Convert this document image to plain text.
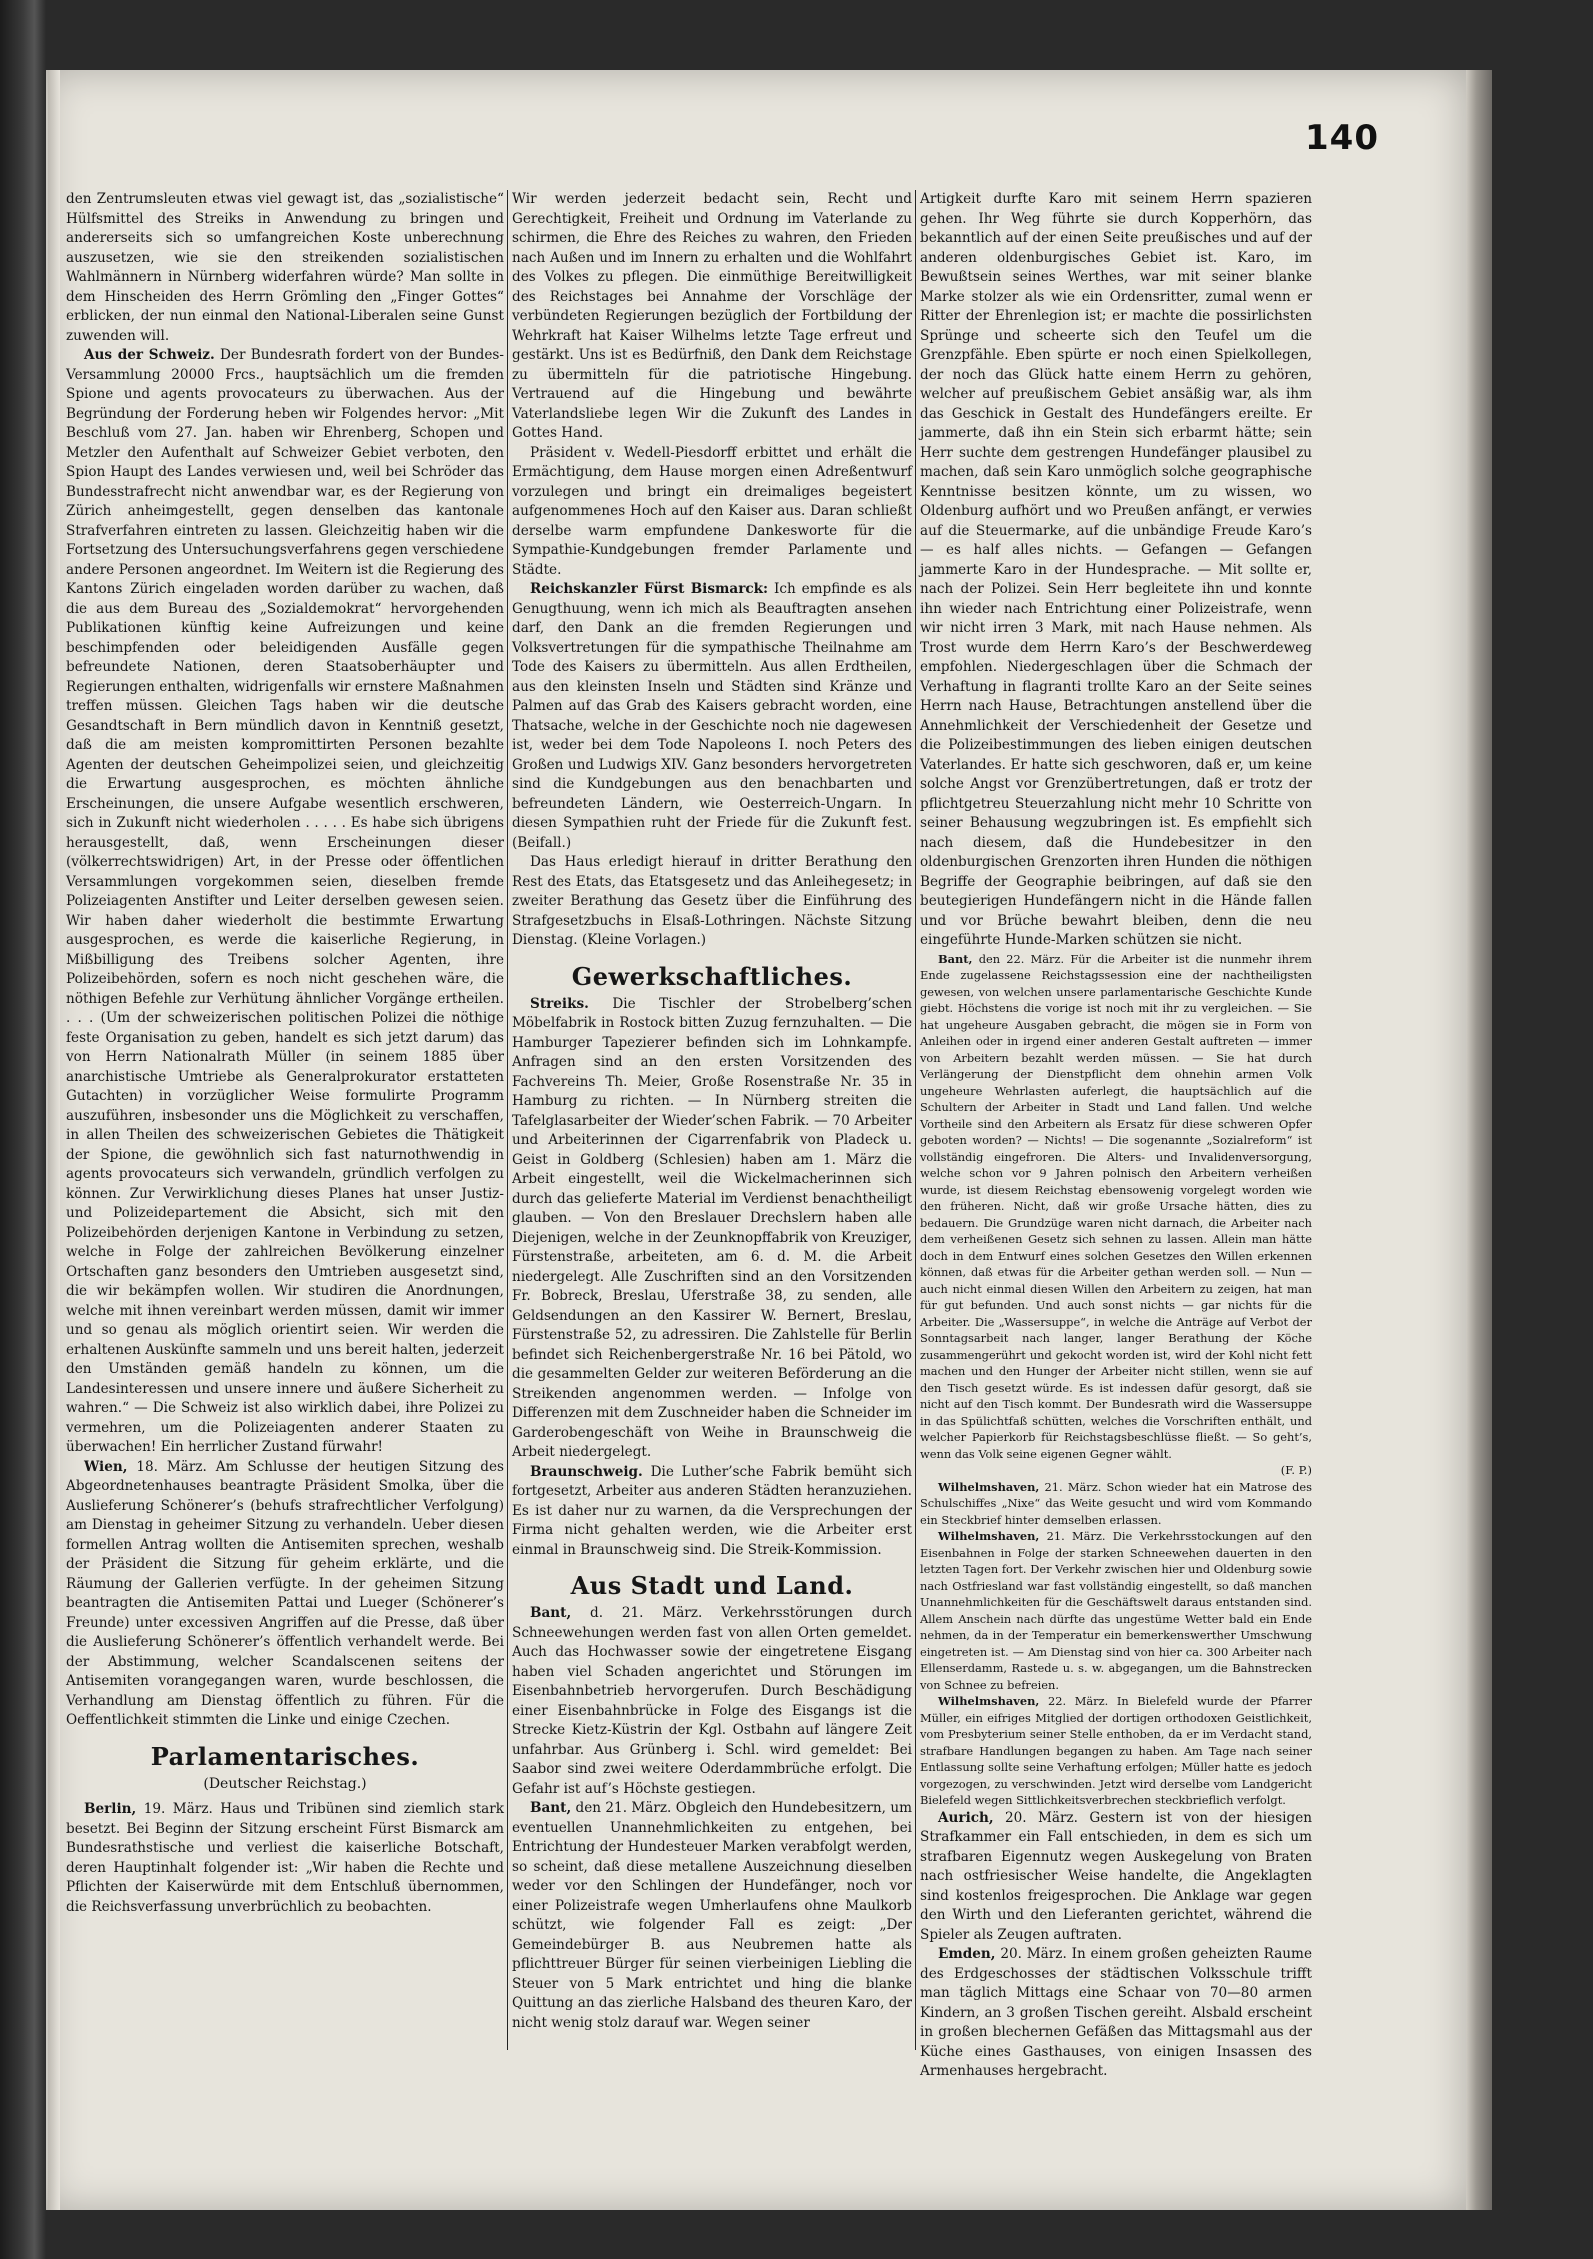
140

den Zentrumsleuten etwas viel gewagt ist, das „sozialistische“ Hülfsmittel des Streiks in Anwendung zu bringen und andererseits sich so umfangreichen Koste unberechnung auszusetzen, wie sie den streikenden sozialistischen Wahlmännern in Nürnberg widerfahren würde? Man sollte in dem Hinscheiden des Herrn Grömling den „Finger Gottes“ erblicken, der nun einmal den National-Liberalen seine Gunst zuwenden will.

Aus der Schweiz. Der Bundesrath fordert von der Bundes-Versammlung 20000 Frcs., hauptsächlich um die fremden Spione und agents provocateurs zu überwachen. Aus der Begründung der Forderung heben wir Folgendes hervor: „Mit Beschluß vom 27. Jan. haben wir Ehrenberg, Schopen und Metzler den Aufenthalt auf Schweizer Gebiet verboten, den Spion Haupt des Landes verwiesen und, weil bei Schröder das Bundesstrafrecht nicht anwendbar war, es der Regierung von Zürich anheimgestellt, gegen denselben das kantonale Strafverfahren eintreten zu lassen. Gleichzeitig haben wir die Fortsetzung des Untersuchungsverfahrens gegen verschiedene andere Personen angeordnet. Im Weitern ist die Regierung des Kantons Zürich eingeladen worden darüber zu wachen, daß die aus dem Bureau des „Sozialdemokrat“ hervorgehenden Publikationen künftig keine Aufreizungen und keine beschimpfenden oder beleidigenden Ausfälle gegen befreundete Nationen, deren Staatsoberhäupter und Regierungen enthalten, widrigenfalls wir ernstere Maßnahmen treffen müssen. Gleichen Tags haben wir die deutsche Gesandtschaft in Bern mündlich davon in Kenntniß gesetzt, daß die am meisten kompromittirten Personen bezahlte Agenten der deutschen Geheimpolizei seien, und gleichzeitig die Erwartung ausgesprochen, es möchten ähnliche Erscheinungen, die unsere Aufgabe wesentlich erschweren, sich in Zukunft nicht wiederholen . . . . . Es habe sich übrigens herausgestellt, daß, wenn Erscheinungen dieser (völkerrechtswidrigen) Art, in der Presse oder öffentlichen Versammlungen vorgekommen seien, dieselben fremde Polizeiagenten Anstifter und Leiter derselben gewesen seien. Wir haben daher wiederholt die bestimmte Erwartung ausgesprochen, es werde die kaiserliche Regierung, in Mißbilligung des Treibens solcher Agenten, ihre Polizeibehörden, sofern es noch nicht geschehen wäre, die nöthigen Befehle zur Verhütung ähnlicher Vorgänge ertheilen. . . . (Um der schweizerischen politischen Polizei die nöthige feste Organisation zu geben, handelt es sich jetzt darum) das von Herrn Nationalrath Müller (in seinem 1885 über anarchistische Umtriebe als Generalprokurator erstatteten Gutachten) in vorzüglicher Weise formulirte Programm auszuführen, insbesonder uns die Möglichkeit zu verschaffen, in allen Theilen des schweizerischen Gebietes die Thätigkeit der Spione, die gewöhnlich sich fast naturnothwendig in agents provocateurs sich verwandeln, gründlich verfolgen zu können. Zur Verwirklichung dieses Planes hat unser Justiz- und Polizeidepartement die Absicht, sich mit den Polizeibehörden derjenigen Kantone in Verbindung zu setzen, welche in Folge der zahlreichen Bevölkerung einzelner Ortschaften ganz besonders den Umtrieben ausgesetzt sind, die wir bekämpfen wollen. Wir studiren die Anordnungen, welche mit ihnen vereinbart werden müssen, damit wir immer und so genau als möglich orientirt seien. Wir werden die erhaltenen Auskünfte sammeln und uns bereit halten, jederzeit den Umständen gemäß handeln zu können, um die Landesinteressen und unsere innere und äußere Sicherheit zu wahren.“ — Die Schweiz ist also wirklich dabei, ihre Polizei zu vermehren, um die Polizeiagenten anderer Staaten zu überwachen! Ein herrlicher Zustand fürwahr!

Wien, 18. März. Am Schlusse der heutigen Sitzung des Abgeordnetenhauses beantragte Präsident Smolka, über die Auslieferung Schönerer’s (behufs strafrechtlicher Verfolgung) am Dienstag in geheimer Sitzung zu verhandeln. Ueber diesen formellen Antrag wollten die Antisemiten sprechen, weshalb der Präsident die Sitzung für geheim erklärte, und die Räumung der Gallerien verfügte. In der geheimen Sitzung beantragten die Antisemiten Pattai und Lueger (Schönerer’s Freunde) unter excessiven Angriffen auf die Presse, daß über die Auslieferung Schönerer’s öffentlich verhandelt werde. Bei der Abstimmung, welcher Scandalscenen seitens der Antisemiten vorangegangen waren, wurde beschlossen, die Verhandlung am Dienstag öffentlich zu führen. Für die Oeffentlichkeit stimmten die Linke und einige Czechen.

Parlamentarisches.
(Deutscher Reichstag.)

Berlin, 19. März. Haus und Tribünen sind ziemlich stark besetzt. Bei Beginn der Sitzung erscheint Fürst Bismarck am Bundesrathstische und verliest die kaiserliche Botschaft, deren Hauptinhalt folgender ist: „Wir haben die Rechte und Pflichten der Kaiserwürde mit dem Entschluß übernommen, die Reichsverfassung unverbrüchlich zu beobachten.

Wir werden jederzeit bedacht sein, Recht und Gerechtigkeit, Freiheit und Ordnung im Vaterlande zu schirmen, die Ehre des Reiches zu wahren, den Frieden nach Außen und im Innern zu erhalten und die Wohlfahrt des Volkes zu pflegen. Die einmüthige Bereitwilligkeit des Reichstages bei Annahme der Vorschläge der verbündeten Regierungen bezüglich der Fortbildung der Wehrkraft hat Kaiser Wilhelms letzte Tage erfreut und gestärkt. Uns ist es Bedürfniß, den Dank dem Reichstage zu übermitteln für die patriotische Hingebung. Vertrauend auf die Hingebung und bewährte Vaterlandsliebe legen Wir die Zukunft des Landes in Gottes Hand.

Präsident v. Wedell-Piesdorff erbittet und erhält die Ermächtigung, dem Hause morgen einen Adreßentwurf vorzulegen und bringt ein dreimaliges begeistert aufgenommenes Hoch auf den Kaiser aus. Daran schließt derselbe warm empfundene Dankesworte für die Sympathie-Kundgebungen fremder Parlamente und Städte.

Reichskanzler Fürst Bismarck: Ich empfinde es als Genugthuung, wenn ich mich als Beauftragten ansehen darf, den Dank an die fremden Regierungen und Volksvertretungen für die sympathische Theilnahme am Tode des Kaisers zu übermitteln. Aus allen Erdtheilen, aus den kleinsten Inseln und Städten sind Kränze und Palmen auf das Grab des Kaisers gebracht worden, eine Thatsache, welche in der Geschichte noch nie dagewesen ist, weder bei dem Tode Napoleons I. noch Peters des Großen und Ludwigs XIV. Ganz besonders hervorgetreten sind die Kundgebungen aus den benachbarten und befreundeten Ländern, wie Oesterreich-Ungarn. In diesen Sympathien ruht der Friede für die Zukunft fest. (Beifall.)

Das Haus erledigt hierauf in dritter Berathung den Rest des Etats, das Etatsgesetz und das Anleihegesetz; in zweiter Berathung das Gesetz über die Einführung des Strafgesetzbuchs in Elsaß-Lothringen. Nächste Sitzung Dienstag. (Kleine Vorlagen.)

Gewerkschaftliches.

Streiks. Die Tischler der Strobelberg’schen Möbelfabrik in Rostock bitten Zuzug fernzuhalten. — Die Hamburger Tapezierer befinden sich im Lohnkampfe. Anfragen sind an den ersten Vorsitzenden des Fachvereins Th. Meier, Große Rosenstraße Nr. 35 in Hamburg zu richten. — In Nürnberg streiten die Tafelglasarbeiter der Wieder’schen Fabrik. — 70 Arbeiter und Arbeiterinnen der Cigarrenfabrik von Pladeck u. Geist in Goldberg (Schlesien) haben am 1. März die Arbeit eingestellt, weil die Wickelmacherinnen sich durch das gelieferte Material im Verdienst benachtheiligt glauben. — Von den Breslauer Drechslern haben alle Diejenigen, welche in der Zeunknopffabrik von Kreuziger, Fürstenstraße, arbeiteten, am 6. d. M. die Arbeit niedergelegt. Alle Zuschriften sind an den Vorsitzenden Fr. Bobreck, Breslau, Uferstraße 38, zu senden, alle Geldsendungen an den Kassirer W. Bernert, Breslau, Fürstenstraße 52, zu adressiren. Die Zahlstelle für Berlin befindet sich Reichenbergerstraße Nr. 16 bei Pätold, wo die gesammelten Gelder zur weiteren Beförderung an die Streikenden angenommen werden. — Infolge von Differenzen mit dem Zuschneider haben die Schneider im Garderobengeschäft von Weihe in Braunschweig die Arbeit niedergelegt.

Braunschweig. Die Luther’sche Fabrik bemüht sich fortgesetzt, Arbeiter aus anderen Städten heranzuziehen. Es ist daher nur zu warnen, da die Versprechungen der Firma nicht gehalten werden, wie die Arbeiter erst einmal in Braunschweig sind. Die Streik-Kommission.

Aus Stadt und Land.

Bant, d. 21. März. Verkehrsstörungen durch Schneewehungen werden fast von allen Orten gemeldet. Auch das Hochwasser sowie der eingetretene Eisgang haben viel Schaden angerichtet und Störungen im Eisenbahnbetrieb hervorgerufen. Durch Beschädigung einer Eisenbahnbrücke in Folge des Eisgangs ist die Strecke Kietz-Küstrin der Kgl. Ostbahn auf längere Zeit unfahrbar. Aus Grünberg i. Schl. wird gemeldet: Bei Saabor sind zwei weitere Oderdammbrüche erfolgt. Die Gefahr ist auf’s Höchste gestiegen.

Bant, den 21. März. Obgleich den Hundebesitzern, um eventuellen Unannehmlichkeiten zu entgehen, bei Entrichtung der Hundesteuer Marken verabfolgt werden, so scheint, daß diese metallene Auszeichnung dieselben weder vor den Schlingen der Hundefänger, noch vor einer Polizeistrafe wegen Umherlaufens ohne Maulkorb schützt, wie folgender Fall es zeigt: „Der Gemeindebürger B. aus Neubremen hatte als pflichttreuer Bürger für seinen vierbeinigen Liebling die Steuer von 5 Mark entrichtet und hing die blanke Quittung an das zierliche Halsband des theuren Karo, der nicht wenig stolz darauf war. Wegen seiner

Artigkeit durfte Karo mit seinem Herrn spazieren gehen. Ihr Weg führte sie durch Kopperhörn, das bekanntlich auf der einen Seite preußisches und auf der anderen oldenburgisches Gebiet ist. Karo, im Bewußtsein seines Werthes, war mit seiner blanke Marke stolzer als wie ein Ordensritter, zumal wenn er Ritter der Ehrenlegion ist; er machte die possirlichsten Sprünge und scheerte sich den Teufel um die Grenzpfähle. Eben spürte er noch einen Spielkollegen, der noch das Glück hatte einem Herrn zu gehören, welcher auf preußischem Gebiet ansäßig war, als ihm das Geschick in Gestalt des Hundefängers ereilte. Er jammerte, daß ihn ein Stein sich erbarmt hätte; sein Herr suchte dem gestrengen Hundefänger plausibel zu machen, daß sein Karo unmöglich solche geographische Kenntnisse besitzen könnte, um zu wissen, wo Oldenburg aufhört und wo Preußen anfängt, er verwies auf die Steuermarke, auf die unbändige Freude Karo’s — es half alles nichts. — Gefangen — Gefangen jammerte Karo in der Hundesprache. — Mit sollte er, nach der Polizei. Sein Herr begleitete ihn und konnte ihn wieder nach Entrichtung einer Polizeistrafe, wenn wir nicht irren 3 Mark, mit nach Hause nehmen. Als Trost wurde dem Herrn Karo’s der Beschwerdeweg empfohlen. Niedergeschlagen über die Schmach der Verhaftung in flagranti trollte Karo an der Seite seines Herrn nach Hause, Betrachtungen anstellend über die Annehmlichkeit der Verschiedenheit der Gesetze und die Polizeibestimmungen des lieben einigen deutschen Vaterlandes. Er hatte sich geschworen, daß er, um keine solche Angst vor Grenzübertretungen, daß er trotz der pflichtgetreu Steuerzahlung nicht mehr 10 Schritte von seiner Behausung wegzubringen ist. Es empfiehlt sich nach diesem, daß die Hundebesitzer in den oldenburgischen Grenzorten ihren Hunden die nöthigen Begriffe der Geographie beibringen, auf daß sie den beutegierigen Hundefängern nicht in die Hände fallen und vor Brüche bewahrt bleiben, denn die neu eingeführte Hunde-Marken schützen sie nicht.

Bant, den 22. März. Für die Arbeiter ist die nunmehr ihrem Ende zugelassene Reichstagssession eine der nachtheiligsten gewesen, von welchen unsere parlamentarische Geschichte Kunde giebt. Höchstens die vorige ist noch mit ihr zu vergleichen. — Sie hat ungeheure Ausgaben gebracht, die mögen sie in Form von Anleihen oder in irgend einer anderen Gestalt auftreten — immer von Arbeitern bezahlt werden müssen. — Sie hat durch Verlängerung der Dienstpflicht dem ohnehin armen Volk ungeheure Wehrlasten auferlegt, die hauptsächlich auf die Schultern der Arbeiter in Stadt und Land fallen. Und welche Vortheile sind den Arbeitern als Ersatz für diese schweren Opfer geboten worden? — Nichts! — Die sogenannte „Sozialreform“ ist vollständig eingefroren. Die Alters- und Invalidenversorgung, welche schon vor 9 Jahren polnisch den Arbeitern verheißen wurde, ist diesem Reichstag ebensowenig vorgelegt worden wie den früheren. Nicht, daß wir große Ursache hätten, dies zu bedauern. Die Grundzüge waren nicht darnach, die Arbeiter nach dem verheißenen Gesetz sich sehnen zu lassen. Allein man hätte doch in dem Entwurf eines solchen Gesetzes den Willen erkennen können, daß etwas für die Arbeiter gethan werden soll. — Nun — auch nicht einmal diesen Willen den Arbeitern zu zeigen, hat man für gut befunden. Und auch sonst nichts — gar nichts für die Arbeiter. Die „Wassersuppe“, in welche die Anträge auf Verbot der Sonntagsarbeit nach langer, langer Berathung der Köche zusammengerührt und gekocht worden ist, wird der Kohl nicht fett machen und den Hunger der Arbeiter nicht stillen, wenn sie auf den Tisch gesetzt würde. Es ist indessen dafür gesorgt, daß sie nicht auf den Tisch kommt. Der Bundesrath wird die Wassersuppe in das Spülichtfaß schütten, welches die Vorschriften enthält, und welcher Papierkorb für Reichstagsbeschlüsse fließt. — So geht’s, wenn das Volk seine eigenen Gegner wählt.

(F. P.)

Wilhelmshaven, 21. März. Schon wieder hat ein Matrose des Schulschiffes „Nixe“ das Weite gesucht und wird vom Kommando ein Steckbrief hinter demselben erlassen.

Wilhelmshaven, 21. März. Die Verkehrsstockungen auf den Eisenbahnen in Folge der starken Schneewehen dauerten in den letzten Tagen fort. Der Verkehr zwischen hier und Oldenburg sowie nach Ostfriesland war fast vollständig eingestellt, so daß manchen Unannehmlichkeiten für die Geschäftswelt daraus entstanden sind. Allem Anschein nach dürfte das ungestüme Wetter bald ein Ende nehmen, da in der Temperatur ein bemerkenswerther Umschwung eingetreten ist. — Am Dienstag sind von hier ca. 300 Arbeiter nach Ellenserdamm, Rastede u. s. w. abgegangen, um die Bahnstrecken von Schnee zu befreien.

Wilhelmshaven, 22. März. In Bielefeld wurde der Pfarrer Müller, ein eifriges Mitglied der dortigen orthodoxen Geistlichkeit, vom Presbyterium seiner Stelle enthoben, da er im Verdacht stand, strafbare Handlungen begangen zu haben. Am Tage nach seiner Entlassung sollte seine Verhaftung erfolgen; Müller hatte es jedoch vorgezogen, zu verschwinden. Jetzt wird derselbe vom Landgericht Bielefeld wegen Sittlichkeitsverbrechen steckbrieflich verfolgt.

Aurich, 20. März. Gestern ist von der hiesigen Strafkammer ein Fall entschieden, in dem es sich um strafbaren Eigennutz wegen Auskegelung von Braten nach ostfriesischer Weise handelte, die Angeklagten sind kostenlos freigesprochen. Die Anklage war gegen den Wirth und den Lieferanten gerichtet, während die Spieler als Zeugen auftraten.

Emden, 20. März. In einem großen geheizten Raume des Erdgeschosses der städtischen Volksschule trifft man täglich Mittags eine Schaar von 70—80 armen Kindern, an 3 großen Tischen gereiht. Alsbald erscheint in großen blechernen Gefäßen das Mittagsmahl aus der Küche eines Gasthauses, von einigen Insassen des Armenhauses hergebracht.
